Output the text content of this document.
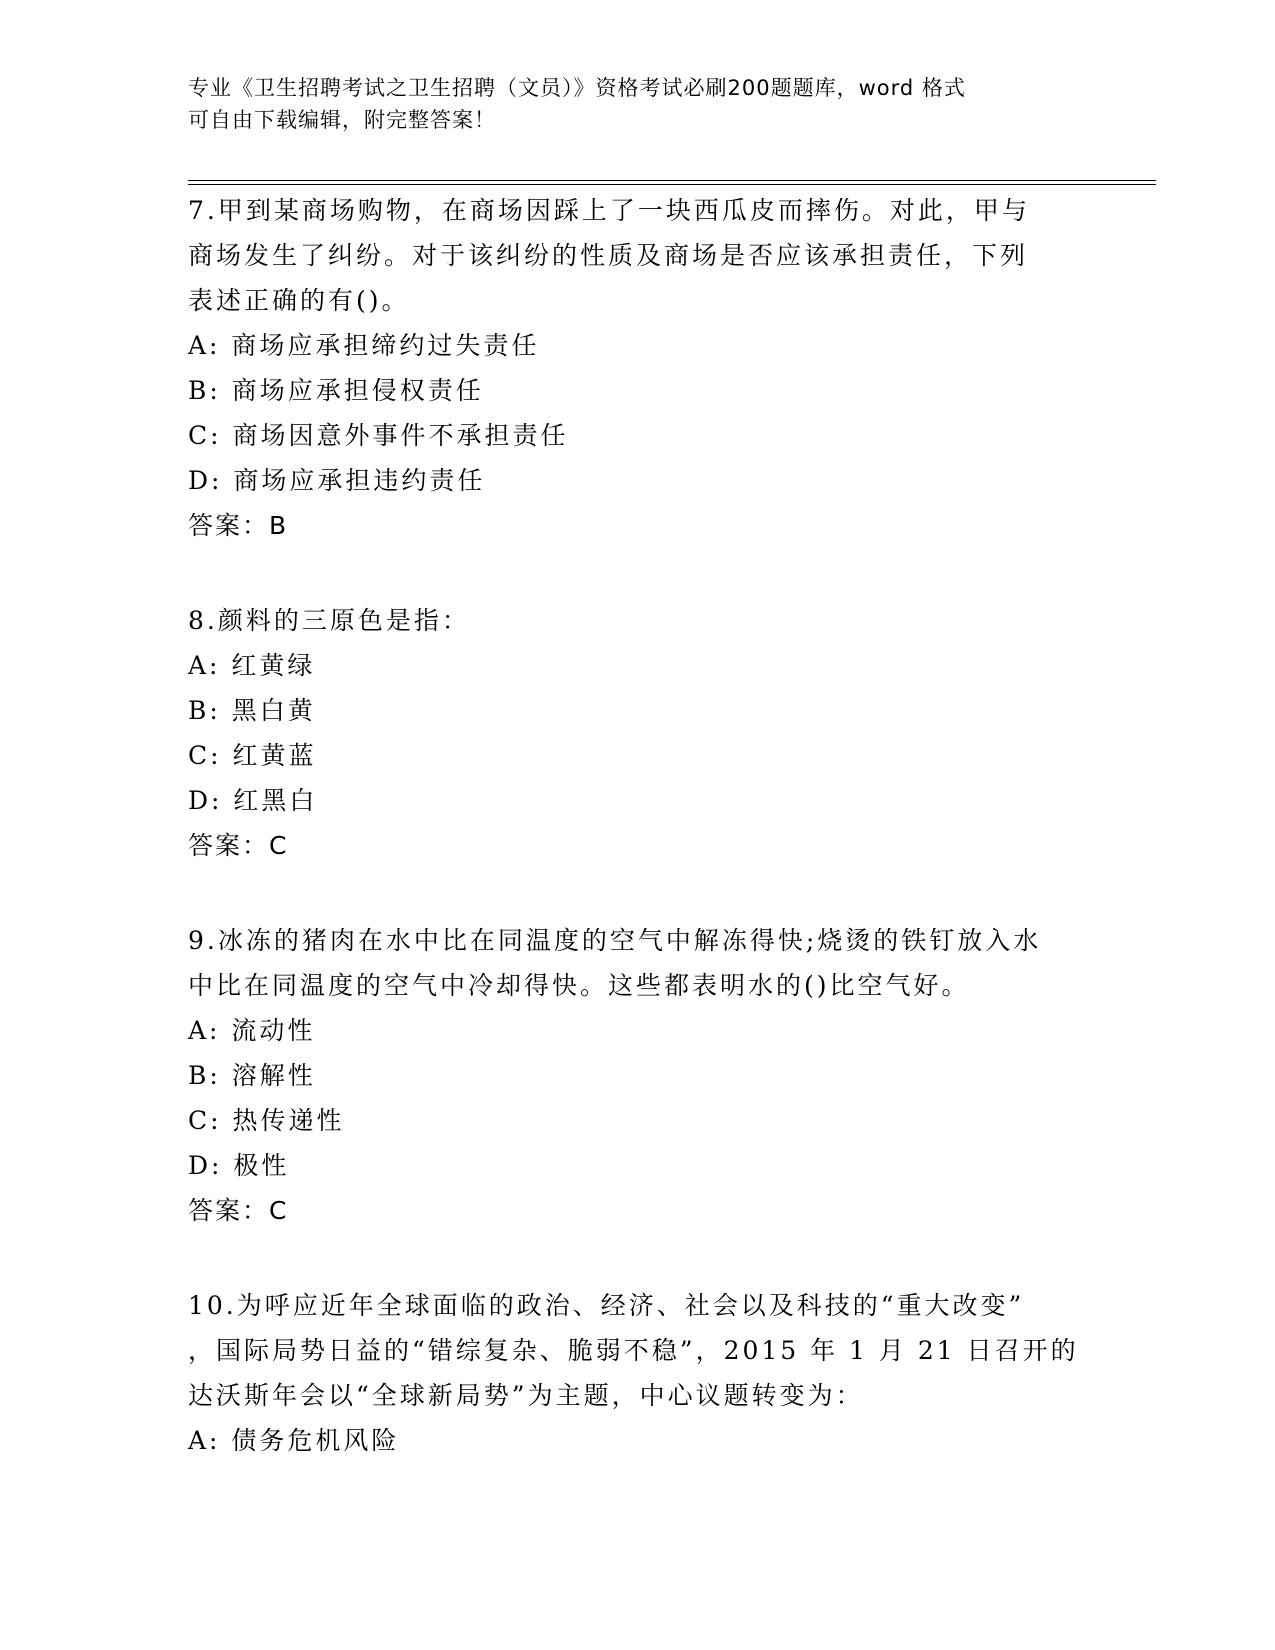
专业《卫生招聘考试之卫生招聘（文员）》资格考试必刷200题题库，word 格式
可自由下载编辑，附完整答案！
7.甲到某商场购物，在商场因踩上了一块西瓜皮而摔伤。对此，甲与
商场发生了纠纷。对于该纠纷的性质及商场是否应该承担责任，下列
表述正确的有()。
A: 商场应承担缔约过失责任
B: 商场应承担侵权责任
C: 商场因意外事件不承担责任
D: 商场应承担违约责任
答案：B
8.颜料的三原色是指：
A: 红黄绿
B: 黑白黄
C: 红黄蓝
D: 红黑白
答案：C
9.冰冻的猪肉在水中比在同温度的空气中解冻得快;烧烫的铁钉放入水
中比在同温度的空气中冷却得快。这些都表明水的()比空气好。
A: 流动性
B: 溶解性
C: 热传递性
D: 极性
答案：C
10.为呼应近年全球面临的政治、经济、社会以及科技的“重大改变”
，国际局势日益的“错综复杂、脆弱不稳”，2015 年 1 月 21 日召开的
达沃斯年会以“全球新局势”为主题，中心议题转变为：
A: 债务危机风险
